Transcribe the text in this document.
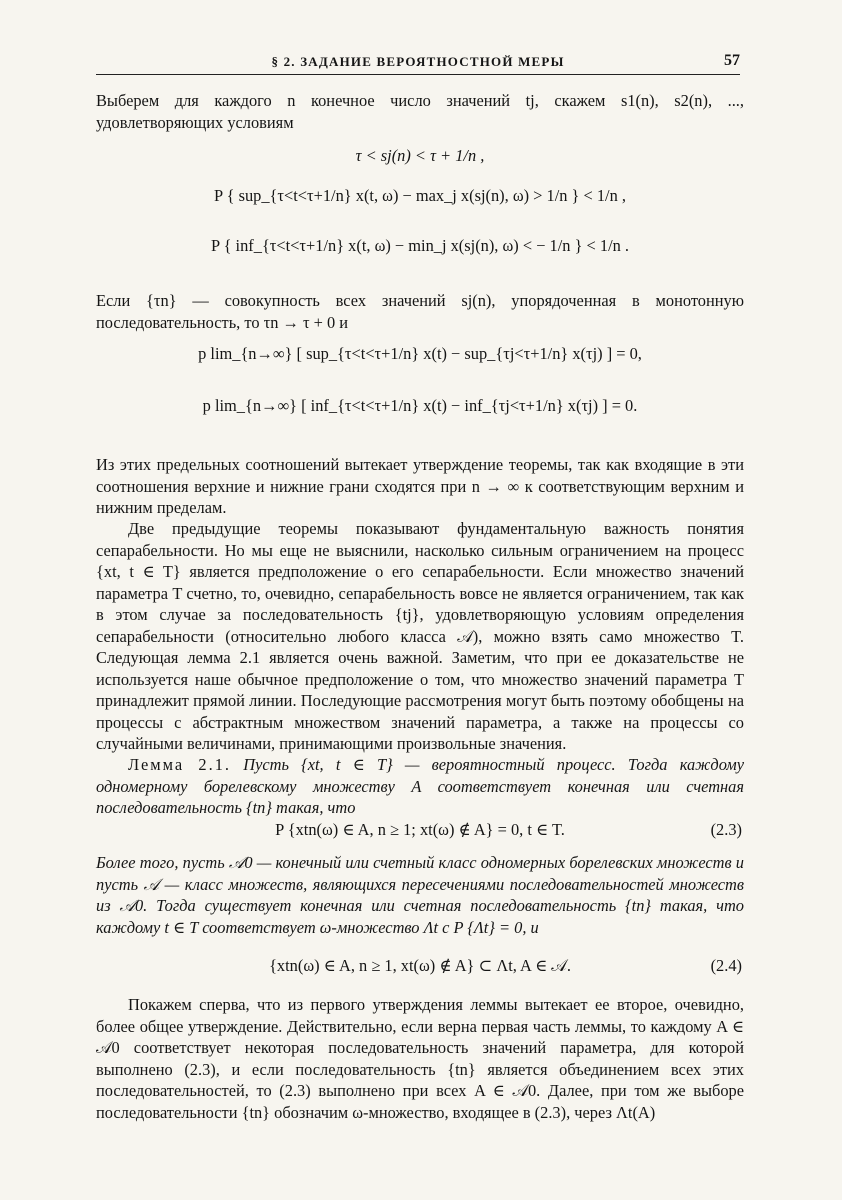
§ 2. ЗАДАНИЕ ВЕРОЯТНОСТНОЙ МЕРЫ	57

Выберем для каждого n конечное число значений tj, скажем s1(n), s2(n), ..., удовлетворяющих условиям

τ < sj(n) < τ + 1/n ,
P { sup_{τ<t<τ+1/n} x(t, ω) − max_j x(sj(n), ω) > 1/n } < 1/n ,
P { inf_{τ<t<τ+1/n} x(t, ω) − min_j x(sj(n), ω) < − 1/n } < 1/n .

Если {τn} — совокупность всех значений sj(n), упорядоченная в монотонную последовательность, то τn → τ + 0 и

p lim_{n→∞} [ sup_{τ<t<τ+1/n} x(t) − sup_{τj<τ+1/n} x(τj) ] = 0,
p lim_{n→∞} [ inf_{τ<t<τ+1/n} x(t) − inf_{τj<τ+1/n} x(τj) ] = 0.

Из этих предельных соотношений вытекает утверждение теоремы, так как входящие в эти соотношения верхние и нижние грани сходятся при n → ∞ к соответствующим верхним и нижним пределам.

Две предыдущие теоремы показывают фундаментальную важность понятия сепарабельности. Но мы еще не выяснили, насколько сильным ограничением на процесс {xt, t ∈ T} является предположение о его сепарабельности. Если множество значений параметра T счетно, то, очевидно, сепарабельность вовсе не является ограничением, так как в этом случае за последовательность {tj}, удовлетворяющую условиям определения сепарабельности (относительно любого класса 𝒜), можно взять само множество T. Следующая лемма 2.1 является очень важной. Заметим, что при ее доказательстве не используется наше обычное предположение о том, что множество значений параметра T принадлежит прямой линии. Последующие рассмотрения могут быть поэтому обобщены на процессы с абстрактным множеством значений параметра, а также на процессы со случайными величинами, принимающими произвольные значения.

Лемма 2.1. Пусть {xt, t ∈ T} — вероятностный процесс. Тогда каждому одномерному борелевскому множеству A соответствует конечная или счетная последовательность {tn} такая, что

P {xtn(ω) ∈ A, n ≥ 1; xt(ω) ∉ A} = 0, t ∈ T.	(2.3)

Более того, пусть 𝒜0 — конечный или счетный класс одномерных борелевских множеств и пусть 𝒜 — класс множеств, являющихся пересечениями последовательностей множеств из 𝒜0. Тогда существует конечная или счетная последовательность {tn} такая, что каждому t ∈ T соответствует ω-множество Λt с P {Λt} = 0, и

{xtn(ω) ∈ A, n ≥ 1, xt(ω) ∉ A} ⊂ Λt, A ∈ 𝒜.	(2.4)

Покажем сперва, что из первого утверждения леммы вытекает ее второе, очевидно, более общее утверждение. Действительно, если верна первая часть леммы, то каждому A ∈ 𝒜0 соответствует некоторая последовательность значений параметра, для которой выполнено (2.3), и если последовательность {tn} является объединением всех этих последовательностей, то (2.3) выполнено при всех A ∈ 𝒜0. Далее, при том же выборе последовательности {tn} обозначим ω-множество, входящее в (2.3), через Λt(A)
